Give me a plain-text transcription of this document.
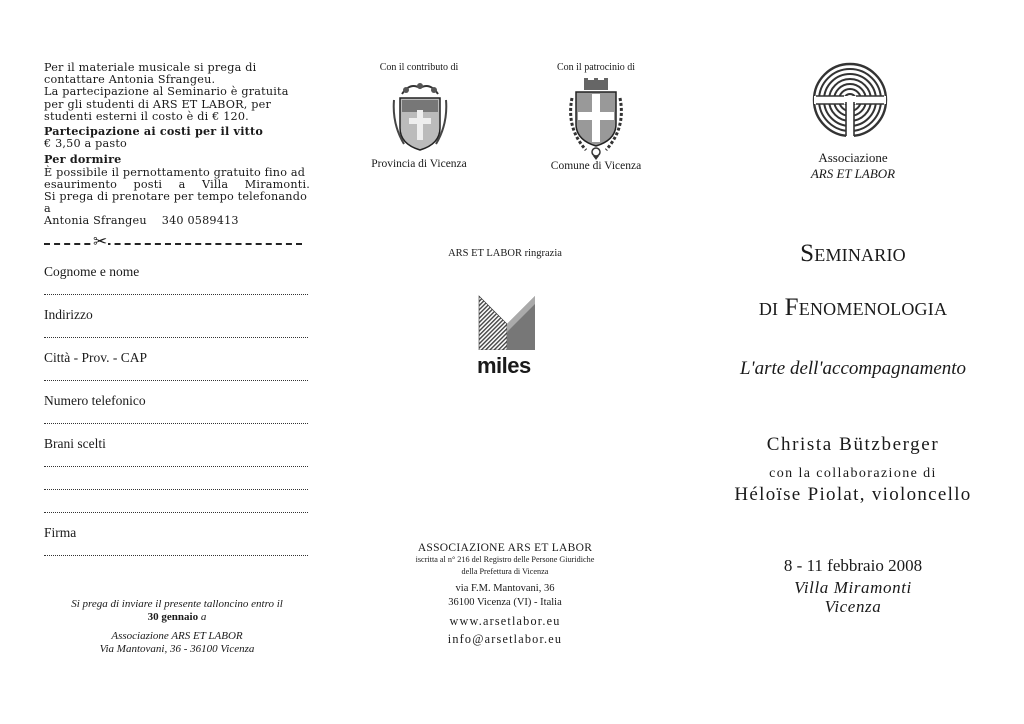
Per il materiale musicale si prega di contattare Antonia Sfrangeu.

La partecipazione al Seminario è gratuita per gli studenti di ARS ET LABOR, per studenti esterni il costo è di € 120.

Partecipazione ai costi per il vitto

€ 3,50 a pasto

Per dormire

È possibile il pernottamento gratuito fino ad

esaurimento posti a Villa Miramonti.

Si prega di prenotare per tempo telefonando a

Antonia Sfrangeu    340 0589413

✂
Cognome e nome
Indirizzo
Città - Prov. - CAP
Numero telefonico
Brani scelti
Firma
Si prega di inviare il presente talloncino entro il
30 gennaio a
Associazione ARS ET LABOR
Via Mantovani, 36 - 36100 Vicenza
Con il contributo di
Provincia di Vicenza
Con il patrocinio di
Comune di Vicenza
ARS ET LABOR ringrazia
miles
ASSOCIAZIONE ARS ET LABOR
iscritta al n° 216 del Registro delle Persone Giuridiche
della Prefettura di Vicenza
via F.M. Mantovani, 36
36100 Vicenza (VI) - Italia
www.arsetlabor.eu
info@arsetlabor.eu
Associazione
ARS ET LABOR
Seminario
di Fenomenologia
L'arte dell'accompagnamento
Christa Bützberger
con la collaborazione di
Héloïse Piolat, violoncello
8 - 11 febbraio 2008
Villa Miramonti
Vicenza
